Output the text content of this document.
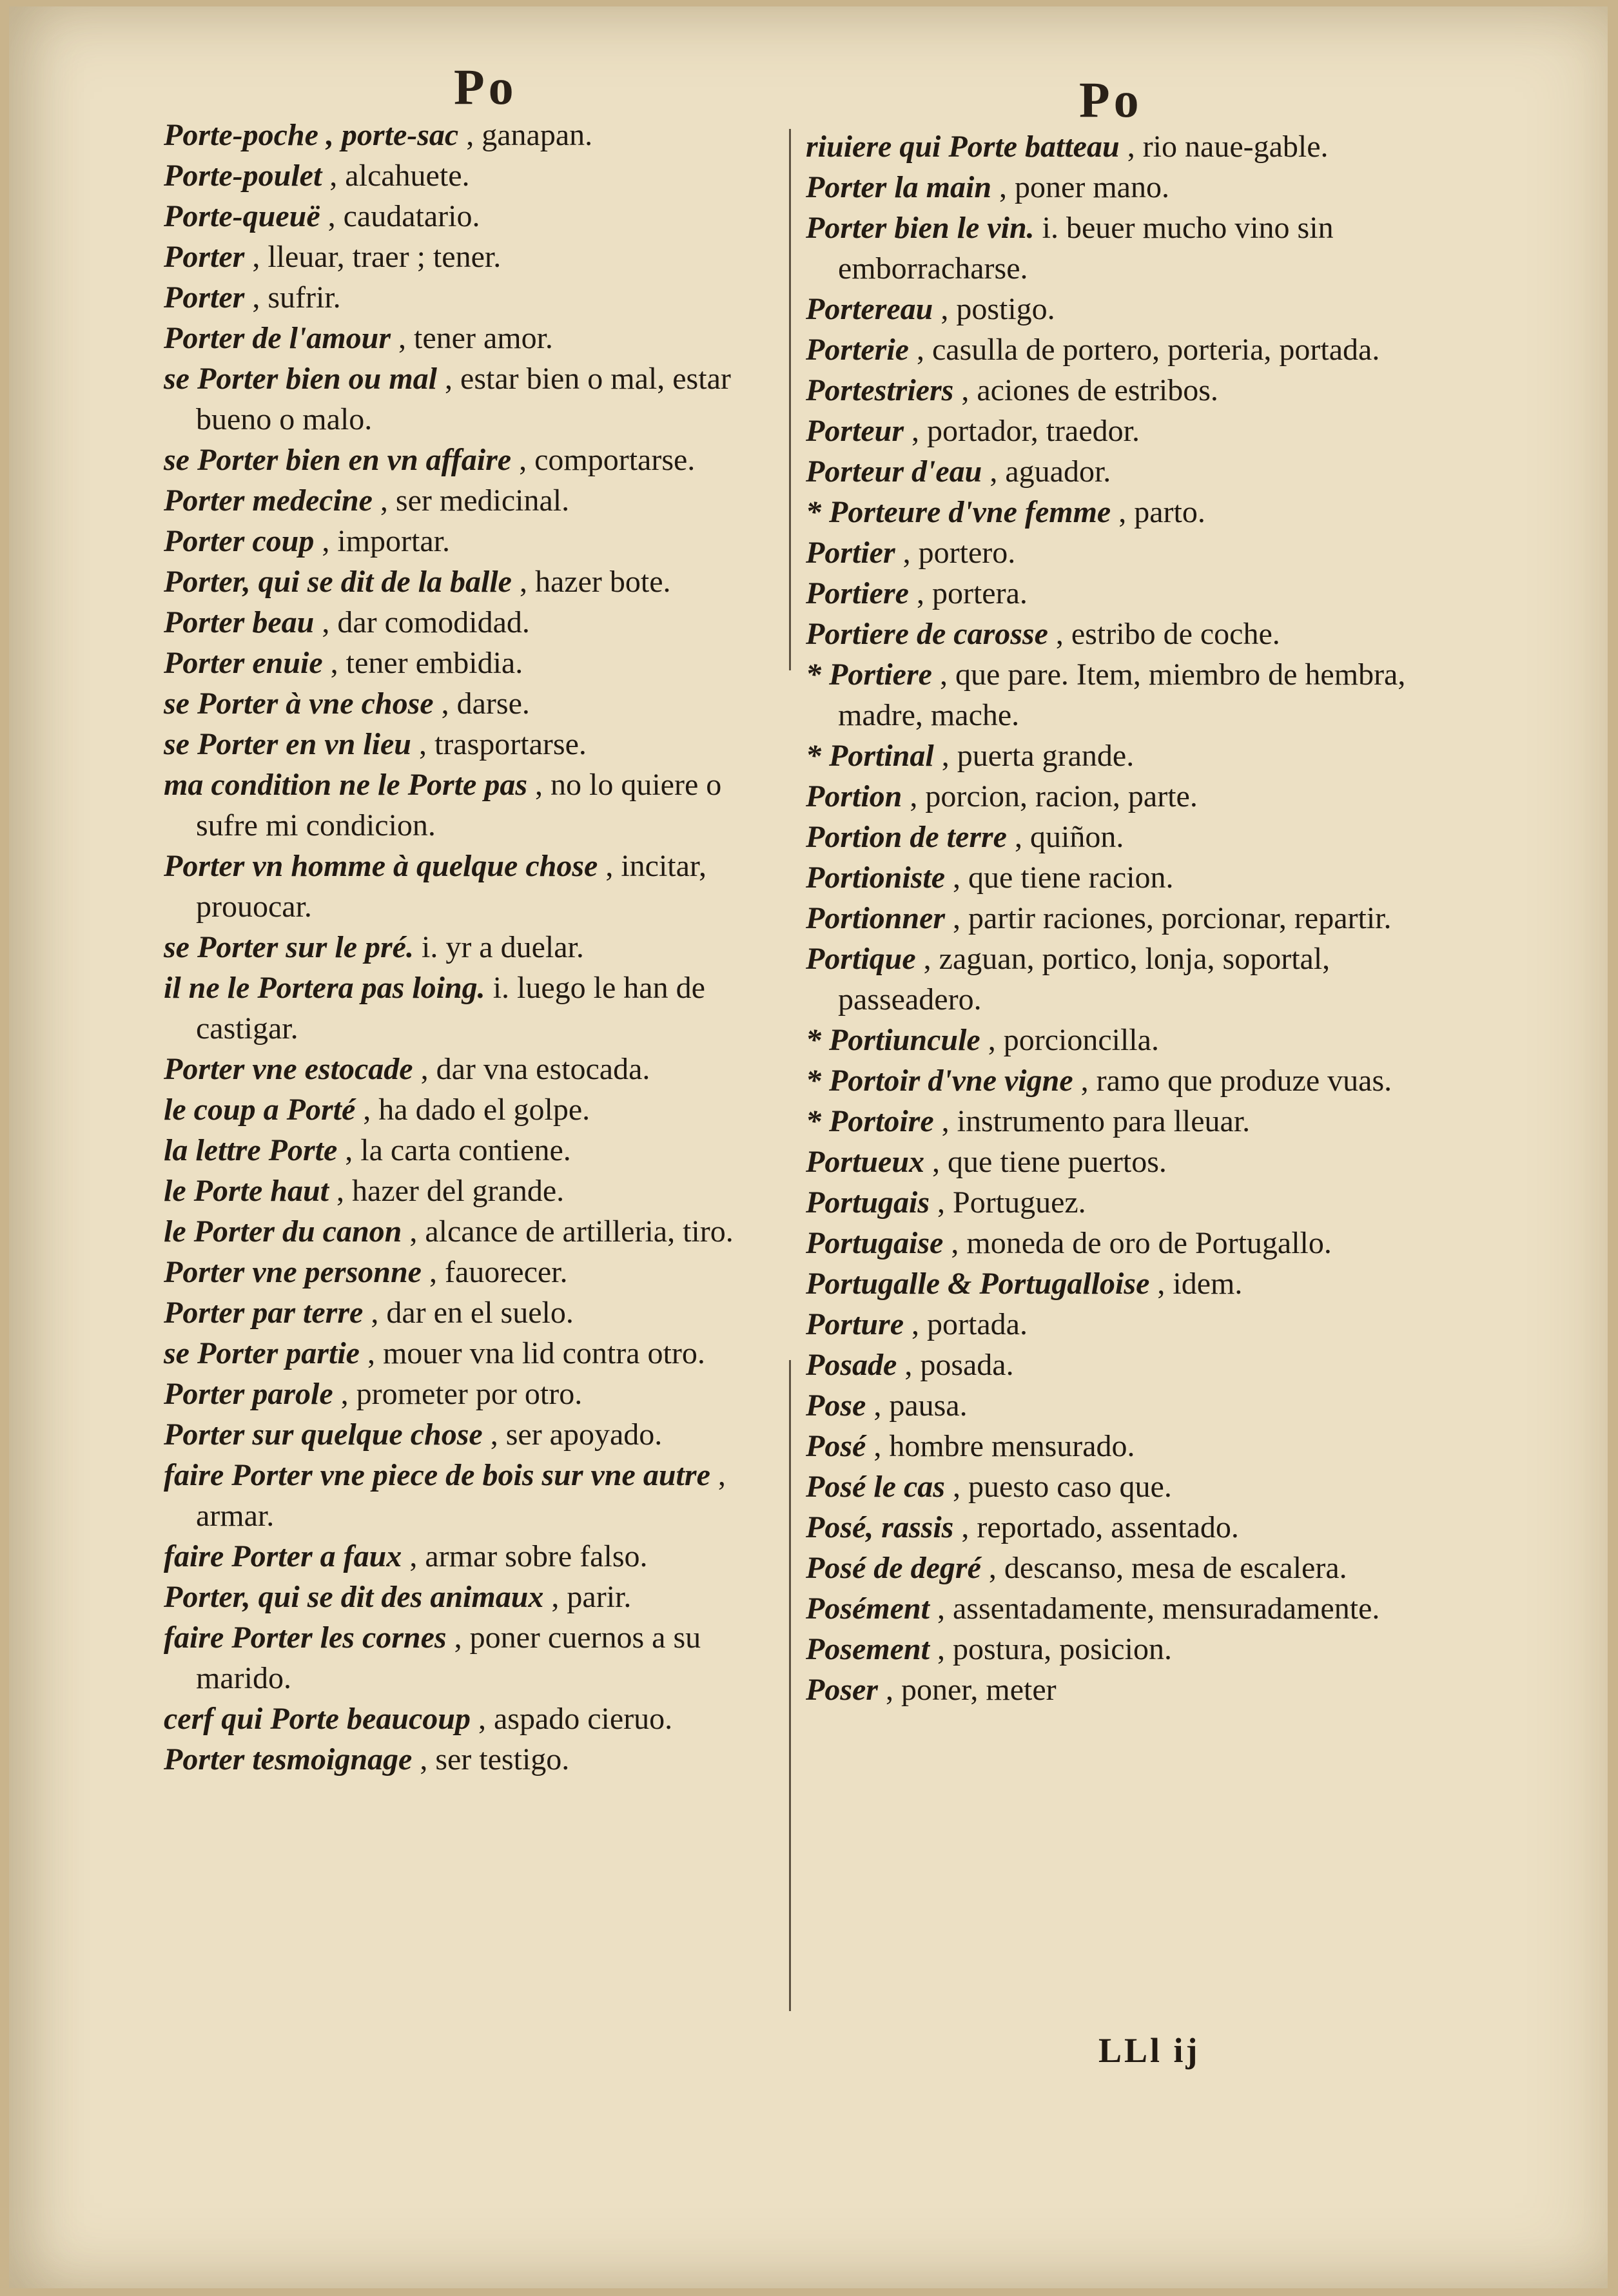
Po	Po

Porte-poche , porte-sac , ganapan.

Porte-poulet , alcahuete.

Porte-queuë , caudatario.

Porter , lleuar, traer ; tener.

Porter , sufrir.

Porter de l'amour , tener amor.

se Porter bien ou mal , estar bien o mal, estar bueno o malo.

se Porter bien en vn affaire , comportarse.

Porter medecine , ser medicinal.

Porter coup , importar.

Porter, qui se dit de la balle , hazer bote.

Porter beau , dar comodidad.

Porter enuie , tener embidia.

se Porter à vne chose , darse.

se Porter en vn lieu , trasportarse.

ma condition ne le Porte pas , no lo quiere o sufre mi condicion.

Porter vn homme à quelque chose , incitar, prouocar.

se Porter sur le pré. i. yr a duelar.

il ne le Portera pas loing. i. luego le han de castigar.

Porter vne estocade , dar vna estocada.

le coup a Porté , ha dado el golpe.

la lettre Porte , la carta contiene.

le Porte haut , hazer del grande.

le Porter du canon , alcance de artilleria, tiro.

Porter vne personne , fauorecer.

Porter par terre , dar en el suelo.

se Porter partie , mouer vna lid contra otro.

Porter parole , prometer por otro.

Porter sur quelque chose , ser apoyado.

faire Porter vne piece de bois sur vne autre , armar.

faire Porter a faux , armar sobre falso.

Porter, qui se dit des animaux , parir.

faire Porter les cornes , poner cuernos a su marido.

cerf qui Porte beaucoup , aspado cieruo.

Porter tesmoignage , ser testigo.

riuiere qui Porte batteau , rio naue-gable.

Porter la main , poner mano.

Porter bien le vin. i. beuer mucho vino sin emborracharse.

Portereau , postigo.

Porterie , casulla de portero, porteria, portada.

Portestriers , aciones de estribos.

Porteur , portador, traedor.

Porteur d'eau , aguador.

* Porteure d'vne femme , parto.

Portier , portero.

Portiere , portera.

Portiere de carosse , estribo de coche.

* Portiere , que pare. Item, miembro de hembra, madre, mache.

* Portinal , puerta grande.

Portion , porcion, racion, parte.

Portion de terre , quiñon.

Portioniste , que tiene racion.

Portionner , partir raciones, porcionar, repartir.

Portique , zaguan, portico, lonja, soportal, passeadero.

* Portiuncule , porcioncilla.

* Portoir d'vne vigne , ramo que produze vuas.

* Portoire , instrumento para lleuar.

Portueux , que tiene puertos.

Portugais , Portuguez.

Portugaise , moneda de oro de Portugallo.

Portugalle & Portugalloise , idem.

Porture , portada.

Posade , posada.

Pose , pausa.

Posé , hombre mensurado.

Posé le cas , puesto caso que.

Posé, rassis , reportado, assentado.

Posé de degré , descanso, mesa de escalera.

Posément , assentadamente, mensuradamente.

Posement , postura, posicion.

Poser , poner, meter

LLl ij
